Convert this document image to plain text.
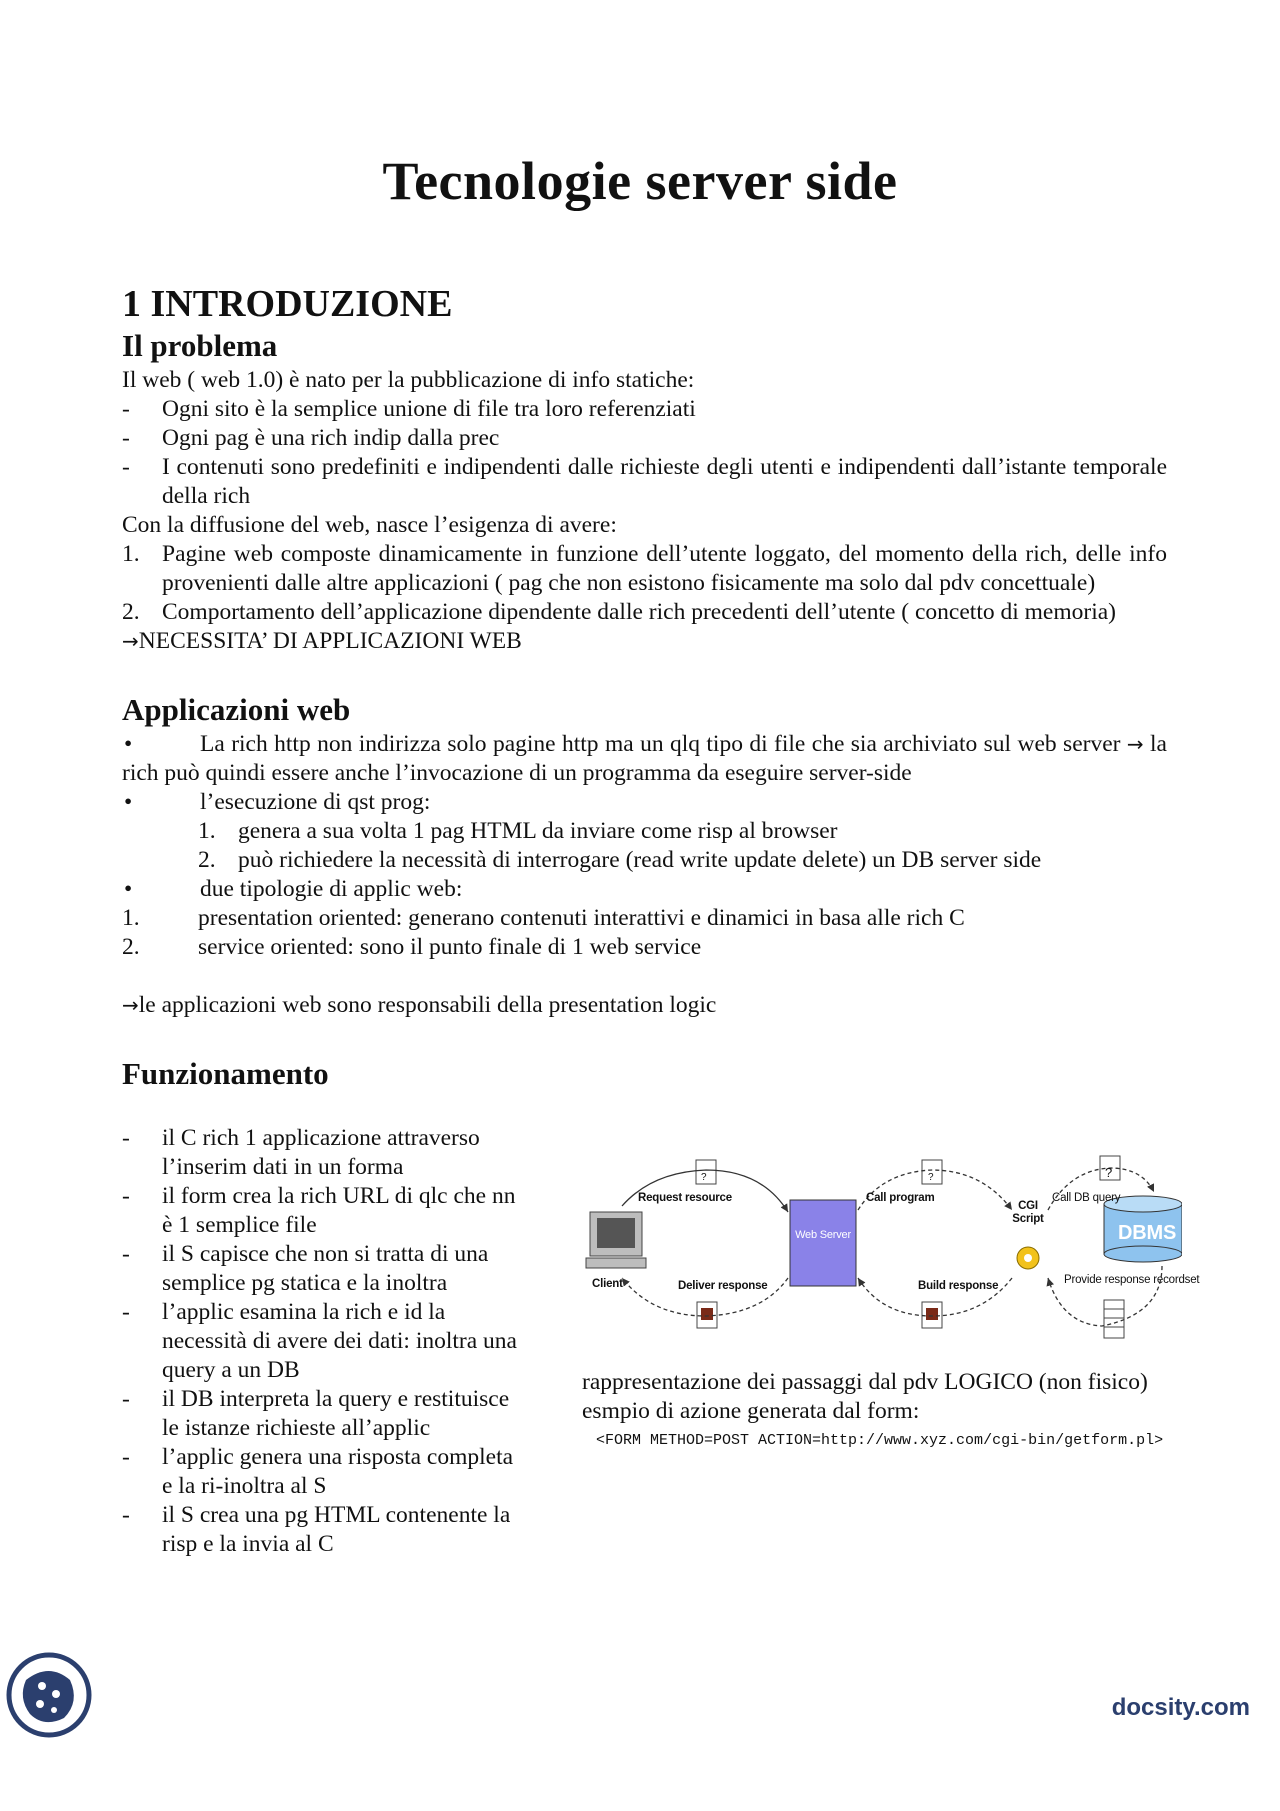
Tecnologie server side
1 INTRODUZIONE
Il problema

Il web ( web 1.0) è nato per la pubblicazione di info statiche:

-	Ogni sito è la semplice unione di file tra loro referenziati
-	Ogni pag è una rich indip dalla prec
-	I contenuti sono predefiniti e indipendenti dalle richieste degli utenti e indipendenti dall’istante temporale della rich

Con la diffusione del web, nasce l’esigenza di avere:

1. Pagine web composte dinamicamente in funzione dell’utente loggato, del momento della rich, delle info provenienti dalle altre applicazioni ( pag che non esistono fisicamente ma solo dal pdv concettuale)
2. Comportamento dell’applicazione dipendente dalle rich precedenti dell’utente ( concetto di memoria)

→NECESSITA’ DI APPLICAZIONI WEB

Applicazioni web
•	La rich http non indirizza solo pagine http ma un qlq tipo di file che sia archiviato sul web server → la rich può quindi essere anche l’invocazione di un programma da eseguire server-side
•	l’esecuzione di qst prog:
1. genera a sua volta 1 pag HTML da inviare come risp al browser
2. può richiedere la necessità di interrogare (read write update delete) un DB server side
•	due tipologie di applic web:
1.	presentation oriented: generano contenuti interattivi e dinamici in basa alle rich C
2.	service oriented: sono il punto finale di 1 web service

→le applicazioni web sono responsabili della presentation logic

Funzionamento
-	il C rich 1 applicazione attraverso l’inserim dati in un forma
-	il form crea la rich URL di qlc che nn è 1 semplice file
-	il S capisce che non si tratta di una semplice pg statica e la inoltra
-	l’applic esamina la rich e id la necessità di avere dei dati: inoltra una query a un DB
-	il DB interpreta la query e restituisce le istanze richieste all’applic
-	l’applic genera una risposta completa e la ri-inoltra al S
-	il S crea una pg HTML contenente la risp e la invia al C
?	?	?
Request resource	Call program	Call DB query
CGI Script
Web Server	DBMS
Client	Deliver response	Build response	Provide response recordset

rappresentazione dei passaggi dal pdv LOGICO (non fisico)

esmpio di azione generata dal form:

<FORM METHOD=POST ACTION=http://www.xyz.com/cgi-bin/getform.pl>

docsity.com
